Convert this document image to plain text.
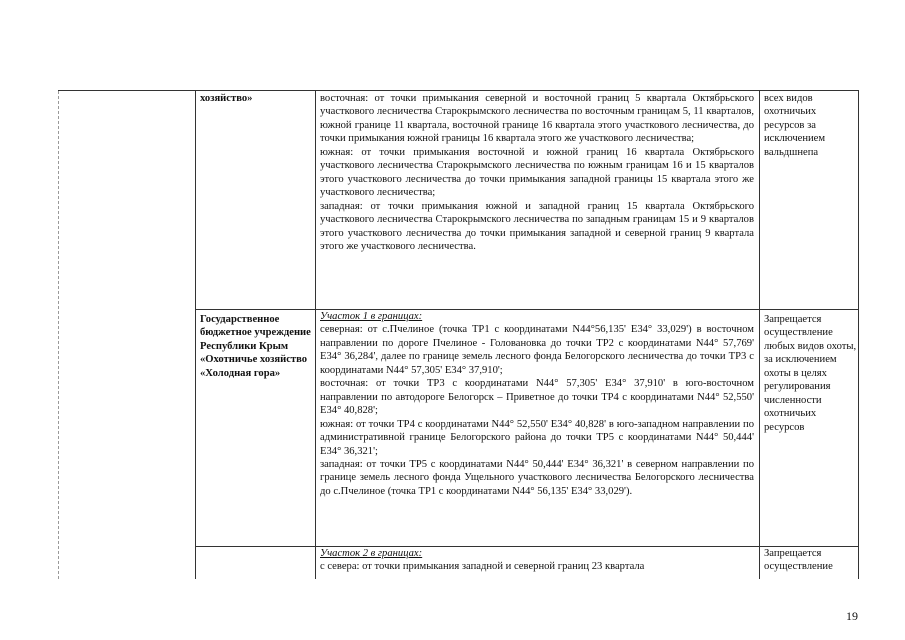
хозяйство»	восточная: от точки примыкания северной и восточной границ 5 квартала Октябрьского участкового лесничества Старокрымского лесничества по восточным границам 5, 11 кварталов, южной границе 11 квартала, восточной границе 16 квартала этого участкового лесничества, до точки примыкания южной границы 16 квартала этого же участкового лесничества;
южная: от точки примыкания восточной и южной границ 16 квартала Октябрьского участкового лесничества Старокрымского лесничества по южным границам 16 и 15 кварталов этого участкового лесничества до точки примыкания западной границы 15 квартала этого же участкового лесничества;
западная: от точки примыкания южной и западной границ 15 квартала Октябрьского участкового лесничества Старокрымского лесничества по западным границам 15 и 9 кварталов этого участкового лесничества до точки примыкания западной и северной границ 9 квартала этого же участкового лесничества.
всех видов охотничьих ресурсов за исключением вальдшнепа
Государственное бюджетное учреждение Республики Крым «Охотничье хозяйство «Холодная гора»
Участок 1 в границах:
северная: от с.Пчелиное (точка ТР1 с координатами N44°56,135' E34° 33,029') в восточном направлении по дороге Пчелиное - Голованoвка до точки ТР2 с координатами N44° 57,769' E34° 36,284', далее по границе земель лесного фонда Белогорского лесничества до точки ТР3 с координатами N44° 57,305' E34° 37,910';
восточная: от точки ТР3 с координатами N44° 57,305' E34° 37,910' в юго-восточном направлении по автодороге Белогорск – Приветное до точки ТР4 с координатами N44° 52,550' E34° 40,828';
южная: от точки ТР4 с координатами N44° 52,550' E34° 40,828' в юго-западном направлении по административной границе Белогорского района до точки ТР5 с координатами N44° 50,444' E34° 36,321';
западная: от точки ТР5 с координатами N44° 50,444' E34° 36,321' в северном направлении по границе земель лесного фонда Ущельного участкового лесничества Белогорского лесничества до с.Пчелиное (точка ТР1 с координатами N44° 56,135' E34° 33,029').
Запрещается осуществление любых видов охоты, за исключением охоты в целях регулирования численности охотничьих ресурсов
Участок 2 в границах:
с севера: от точки примыкания западной и северной границ 23 квартала
Запрещается осуществление
19
